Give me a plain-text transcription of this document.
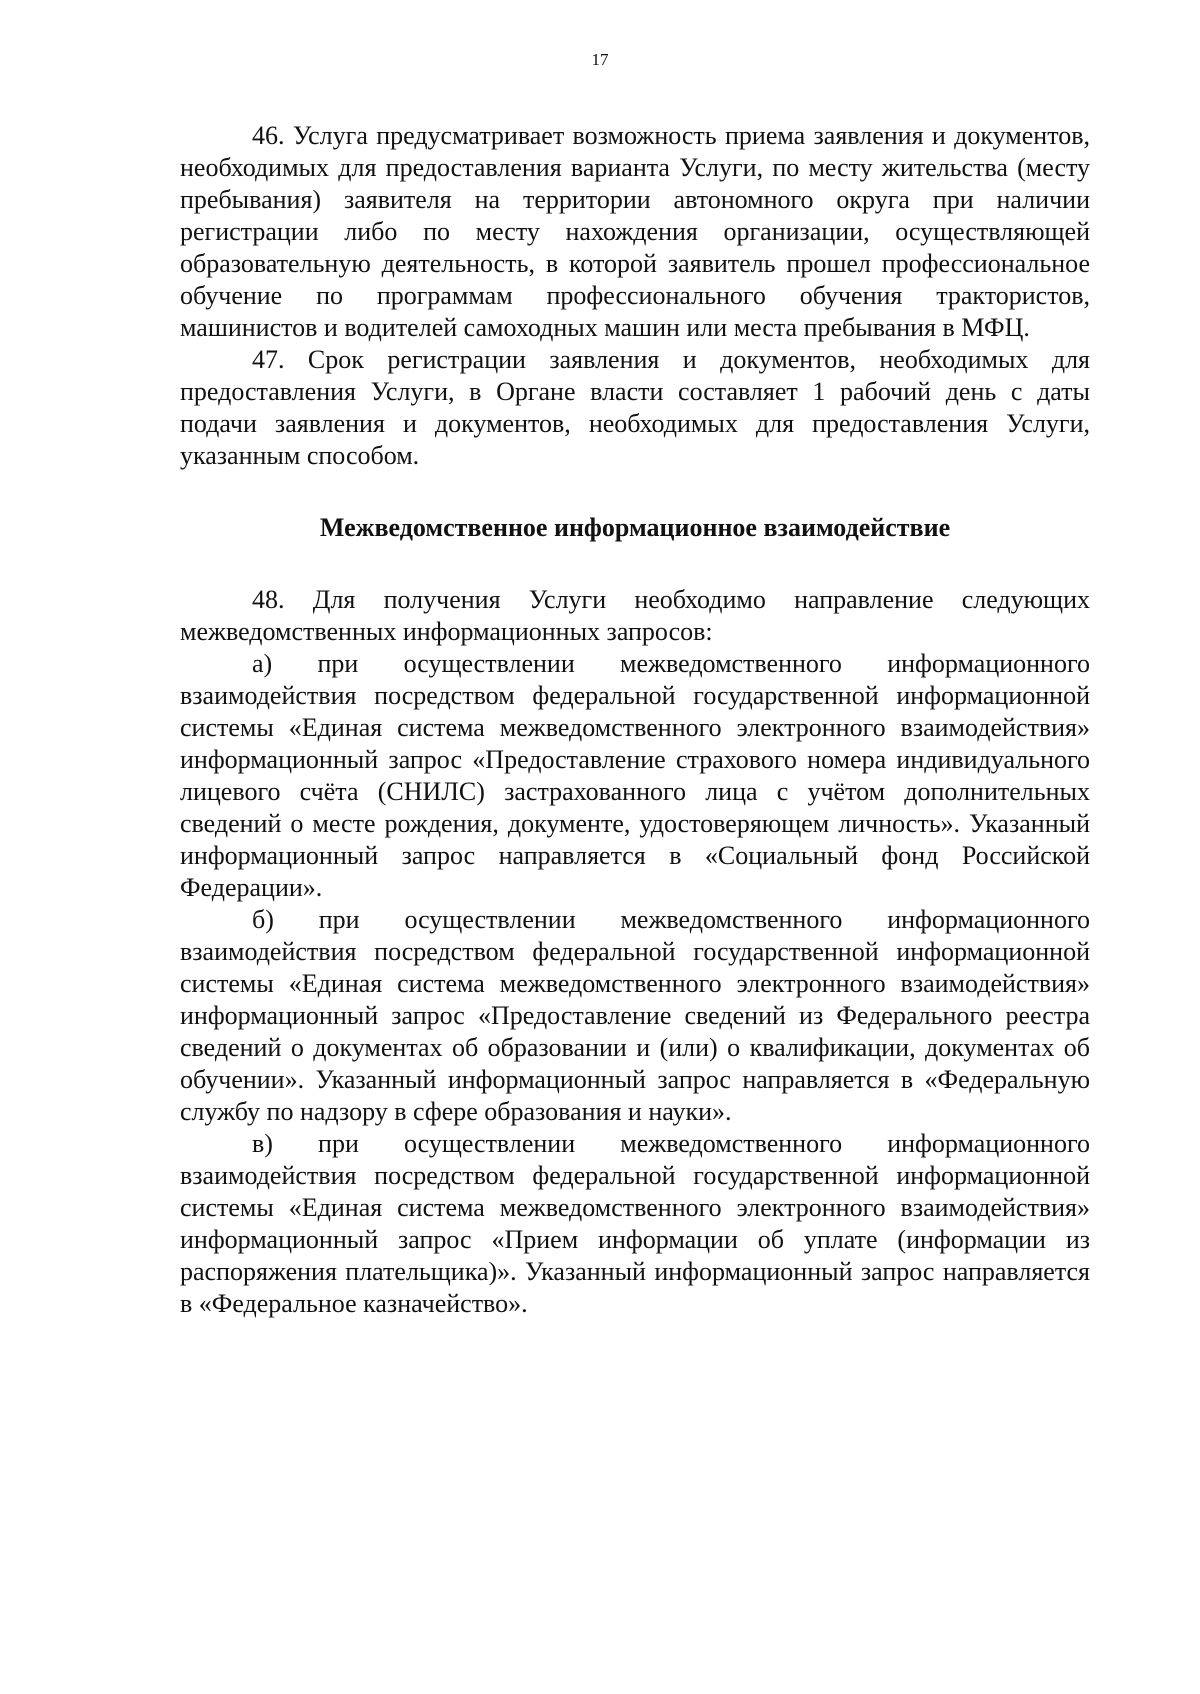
17

46. Услуга предусматривает возможность приема заявления и документов, необходимых для предоставления варианта Услуги, по месту жительства (месту пребывания) заявителя на территории автономного округа при наличии регистрации либо по месту нахождения организации, осуществляющей образовательную деятельность, в которой заявитель прошел профессиональное обучение по программам профессионального обучения трактористов, машинистов и водителей самоходных машин или места пребывания в МФЦ.

47. Срок регистрации заявления и документов, необходимых для предоставления Услуги, в Органе власти составляет 1 рабочий день с даты подачи заявления и документов, необходимых для предоставления Услуги, указанным способом.

Межведомственное информационное взаимодействие

48. Для получения Услуги необходимо направление следующих межведомственных информационных запросов:

а) при осуществлении межведомственного информационного взаимодействия посредством федеральной государственной информационной системы «Единая система межведомственного электронного взаимодействия» информационный запрос «Предоставление страхового номера индивидуального лицевого счёта (СНИЛС) застрахованного лица с учётом дополнительных сведений о месте рождения, документе, удостоверяющем личность». Указанный информационный запрос направляется в «Социальный фонд Российской Федерации».

б) при осуществлении межведомственного информационного взаимодействия посредством федеральной государственной информационной системы «Единая система межведомственного электронного взаимодействия» информационный запрос «Предоставление сведений из Федерального реестра сведений о документах об образовании и (или) о квалификации, документах об обучении». Указанный информационный запрос направляется в «Федеральную службу по надзору в сфере образования и науки».

в) при осуществлении межведомственного информационного взаимодействия посредством федеральной государственной информационной системы «Единая система межведомственного электронного взаимодействия» информационный запрос «Прием информации об уплате (информации из распоряжения плательщика)». Указанный информационный запрос направляется в «Федеральное казначейство».
